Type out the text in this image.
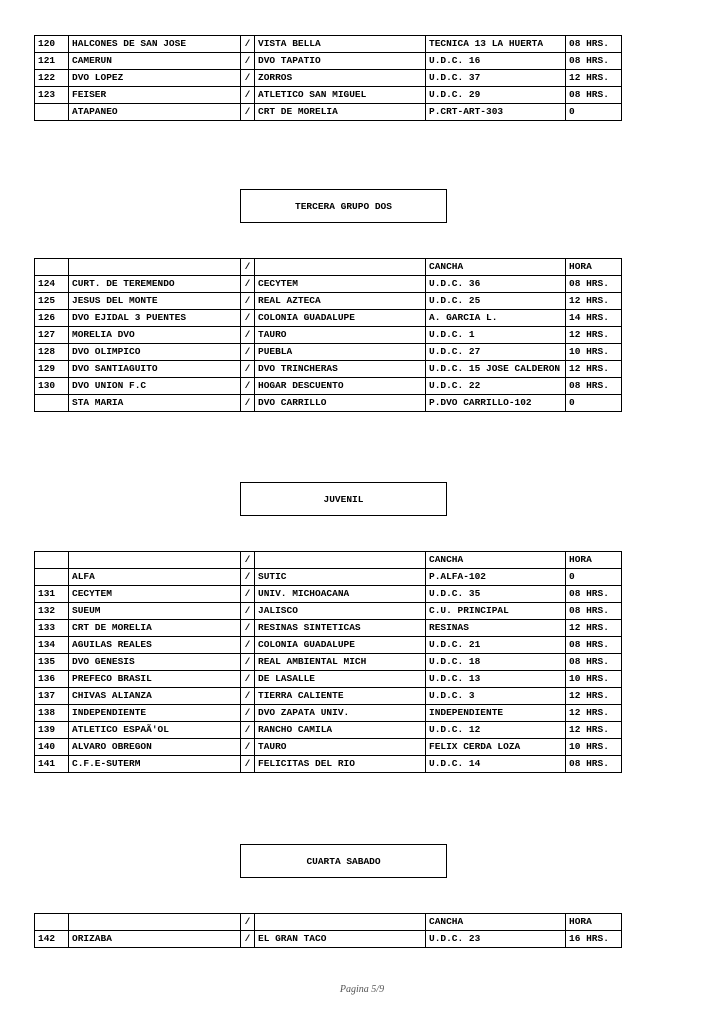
120	HALCONES DE SAN JOSE	/	VISTA BELLA	TECNICA 13 LA HUERTA	08 HRS.
121	CAMERUN	/	DVO TAPATIO	U.D.C. 16	08 HRS.
122	DVO LOPEZ	/	ZORROS	U.D.C. 37	12 HRS.
123	FEISER	/	ATLETICO SAN MIGUEL	U.D.C. 29	08 HRS.
	ATAPANEO	/	CRT DE MORELIA	P.CRT-ART-303	0
TERCERA GRUPO DOS
		/		CANCHA	HORA
124	CURT. DE TEREMENDO	/	CECYTEM	U.D.C. 36	08 HRS.
125	JESUS DEL MONTE	/	REAL AZTECA	U.D.C. 25	12 HRS.
126	DVO EJIDAL 3 PUENTES	/	COLONIA GUADALUPE	A. GARCIA L.	14 HRS.
127	MORELIA DVO	/	TAURO	U.D.C. 1	12 HRS.
128	DVO OLIMPICO	/	PUEBLA	U.D.C. 27	10 HRS.
129	DVO SANTIAGUITO	/	DVO TRINCHERAS	U.D.C. 15 JOSE CALDERON	12 HRS.
130	DVO UNION F.C	/	HOGAR DESCUENTO	U.D.C. 22	08 HRS.
	STA MARIA	/	DVO CARRILLO	P.DVO CARRILLO-102	0
JUVENIL
		/		CANCHA	HORA
	ALFA	/	SUTIC	P.ALFA-102	0
131	CECYTEM	/	UNIV. MICHOACANA	U.D.C. 35	08 HRS.
132	SUEUM	/	JALISCO	C.U. PRINCIPAL	08 HRS.
133	CRT DE MORELIA	/	RESINAS SINTETICAS	RESINAS	12 HRS.
134	AGUILAS REALES	/	COLONIA GUADALUPE	U.D.C. 21	08 HRS.
135	DVO GENESIS	/	REAL AMBIENTAL MICH	U.D.C. 18	08 HRS.
136	PREFECO BRASIL	/	DE LASALLE	U.D.C. 13	10 HRS.
137	CHIVAS ALIANZA	/	TIERRA CALIENTE	U.D.C. 3	12 HRS.
138	INDEPENDIENTE	/	DVO ZAPATA UNIV.	INDEPENDIENTE	12 HRS.
139	ATLETICO ESPAÃ'OL	/	RANCHO CAMILA	U.D.C. 12	12 HRS.
140	ALVARO OBREGON	/	TAURO	FELIX CERDA LOZA	10 HRS.
141	C.F.E-SUTERM	/	FELICITAS DEL RIO	U.D.C. 14	08 HRS.
CUARTA SABADO
		/		CANCHA	HORA
142	ORIZABA	/	EL GRAN TACO	U.D.C. 23	16 HRS.
Pagina 5/9
